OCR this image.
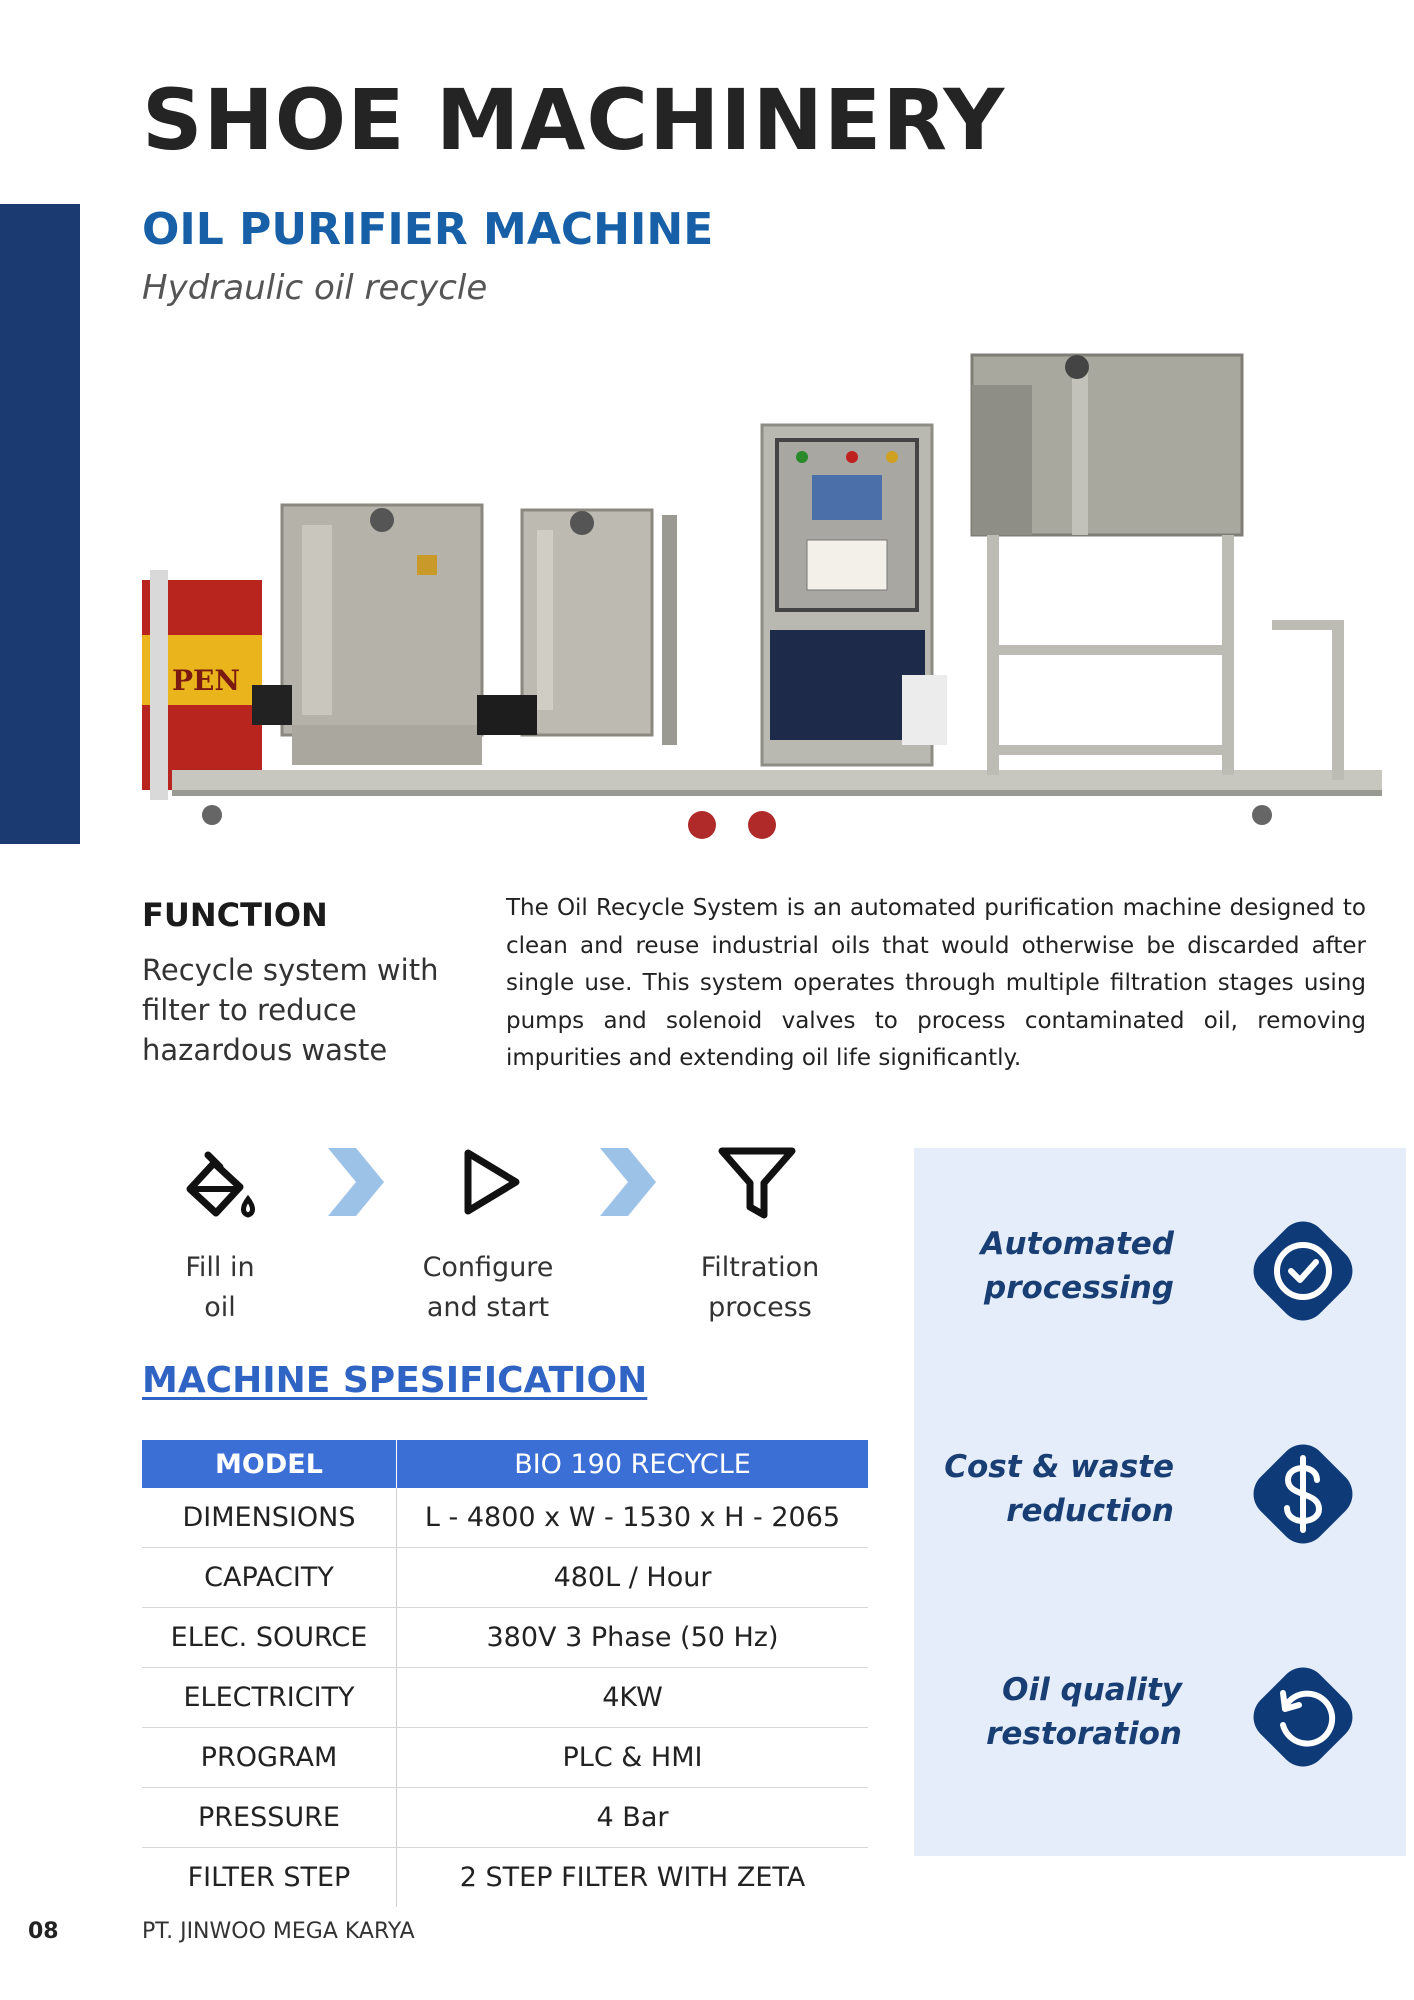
SHOE MACHINERY
OIL PURIFIER MACHINE
Hydraulic oil recycle
PEN
FUNCTION
Recycle system with filter to reduce hazardous waste
The Oil Recycle System is an automated purification machine designed to clean and reuse industrial oils that would otherwise be discarded after single use. This system operates through multiple filtration stages using pumps and solenoid valves to process contaminated oil, removing impurities and extending oil life significantly.
Fill in
oil
Configure
and start
Filtration
process
MACHINE SPESIFICATION
MODEL	BIO 190 RECYCLE
DIMENSIONS	L - 4800 x W - 1530 x H - 2065
CAPACITY	480L / Hour
ELEC. SOURCE	380V 3 Phase (50 Hz)
ELECTRICITY	4KW
PROGRAM	PLC & HMI
PRESSURE	4 Bar
FILTER STEP	2 STEP FILTER WITH ZETA
Automated
processing
Cost & waste
reduction
Oil quality
restoration
08	PT. JINWOO MEGA KARYA
